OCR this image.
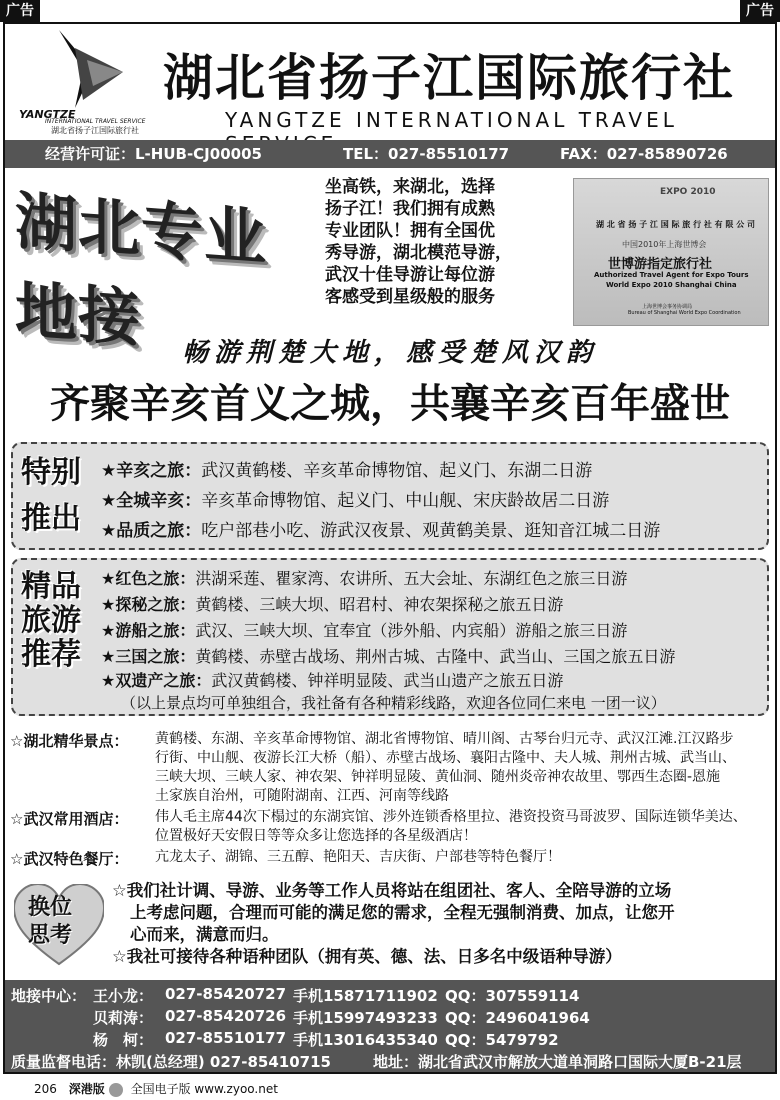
广告	广告
YANGTZE
INTERNATIONAL TRAVEL SERVICE
湖北省扬子江国际旅行社
湖北省扬子江国际旅行社
YANGTZE INTERNATIONAL TRAVEL
经营许可证：L-HUB-CJ00005	TEL：027-85510177	FAX：027-85890726
湖北专业地接
坐高铁，来湖北，选择
扬子江！我们拥有成熟
专业团队！拥有全国优
秀导游，湖北模范导游，
武汉十佳导游让每位游
客感受到星级般的服务
EXPO 2010
湖 北 省 扬 子 江 国 际 旅 行 社 有 限 公 司
中国2010年上海世博会
世博游指定旅行社
Authorized Travel Agent for Expo Tours
World Expo 2010 Shanghai China
上海世博会事务协调局
Bureau of Shanghai World Expo Coordination
畅游荆楚大地，感受楚风汉韵
齐聚辛亥首义之城，共襄辛亥百年盛世
特别
推出
★辛亥之旅：武汉黄鹤楼、辛亥革命博物馆、起义门、东湖二日游
★全城辛亥：辛亥革命博物馆、起义门、中山舰、宋庆龄故居二日游
★品质之旅：吃户部巷小吃、游武汉夜景、观黄鹤美景、逛知音江城二日游
精品
旅游
推荐
★红色之旅：洪湖采莲、瞿家湾、农讲所、五大会址、东湖红色之旅三日游
★探秘之旅：黄鹤楼、三峡大坝、昭君村、神农架探秘之旅五日游
★游船之旅：武汉、三峡大坝、宜奉宜（涉外船、内宾船）游船之旅三日游
★三国之旅：黄鹤楼、赤壁古战场、荆州古城、古隆中、武当山、三国之旅五日游
★双遗产之旅：武汉黄鹤楼、钟祥明显陵、武当山遗产之旅五日游
（以上景点均可单独组合，我社备有各种精彩线路，欢迎各位同仁来电 一团一议）
☆湖北精华景点： 黄鹤楼、东湖、辛亥革命博物馆、湖北省博物馆、晴川阁、古琴台归元寺、武汉江滩.江汉路步
行街、中山舰、夜游长江大桥（船）、赤壁古战场、襄阳古隆中、夫人城、荆州古城、武当山、
三峡大坝、三峡人家、神农架、钟祥明显陵、黄仙洞、随州炎帝神农故里、鄂西生态圈-恩施
土家族自治州，可随附湖南、江西、河南等线路
☆武汉常用酒店： 伟人毛主席44次下榻过的东湖宾馆、涉外连锁香格里拉、港资投资马哥波罗、国际连锁华美达、
位置极好天安假日等等众多让您选择的各星级酒店！
☆武汉特色餐厅： 亢龙太子、湖锦、三五醇、艳阳天、吉庆街、户部巷等特色餐厅！
换位
思考
☆我们社计调、导游、业务等工作人员将站在组团社、客人、全陪导游的立场
上考虑问题，合理而可能的满足您的需求，全程无强制消费、加点，让您开
心而来，满意而归。
☆我社可接待各种语种团队（拥有英、德、法、日多名中级语种导游）
地接中心： 王小龙： 027-85420727 手机15871711902 QQ：307559114
贝莉涛： 027-85420726 手机15997493233 QQ：2496041964
杨　柯： 027-85510177 手机13016435340 QQ：5479792
质量监督电话：林凯(总经理) 027-85410715	地址：湖北省武汉市解放大道单洞路口国际大厦B-21层
206 深港版 全国电子版 www.zyoo.net
